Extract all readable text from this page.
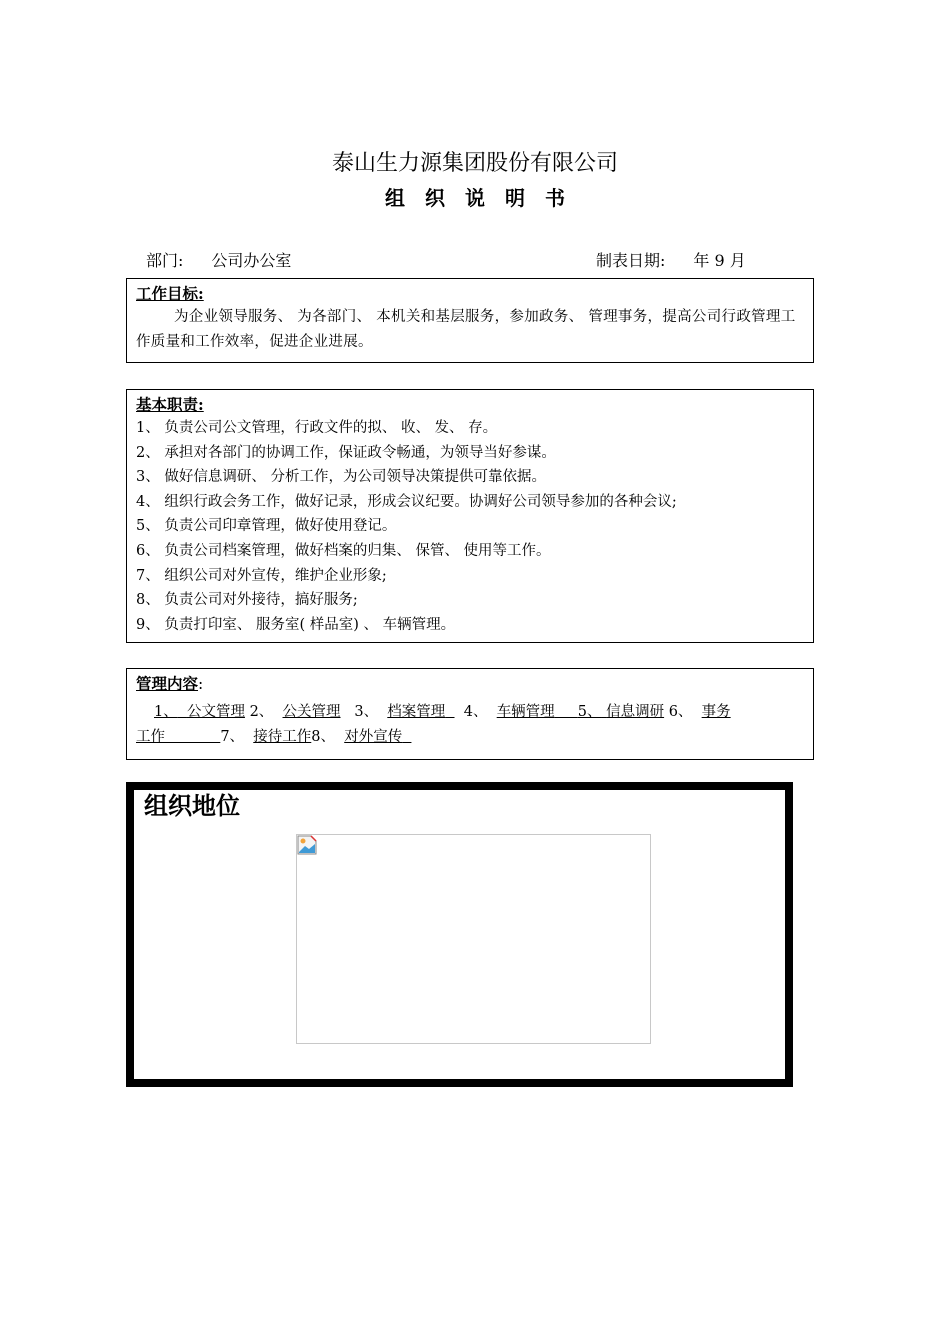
泰山生力源集团股份有限公司
组 织 说 明 书
部门: 公司办公室	制表日期: 年 9 月
工作目标:
为企业领导服务、 为各部门、 本机关和基层服务，参加政务、 管理事务，提高公司行政管理工作质量和工作效率，促进企业进展。
基本职责:
1、 负责公司公文管理，行政文件的拟、 收、 发、 存。
2、 承担对各部门的协调工作，保证政令畅通，为领导当好参谋。
3、 做好信息调研、 分析工作，为公司领导决策提供可靠依据。
4、 组织行政会务工作，做好记录，形成会议纪要。协调好公司领导参加的各种会议;
5、 负责公司印章管理，做好使用登记。
6、 负责公司档案管理，做好档案的归集、 保管、 使用等工作。
7、 组织公司对外宣传，维护企业形象;
8、 负责公司对外接待，搞好服务;
9、 负责打印室、 服务室( 样品室) 、 车辆管理。
管理内容:
1、 公文管理 2、 公关管理 3、 档案管理 4、 车辆管理 5、 信息调研 6、 事务
工作	7、 接待工作8、 对外宣传
组织地位
